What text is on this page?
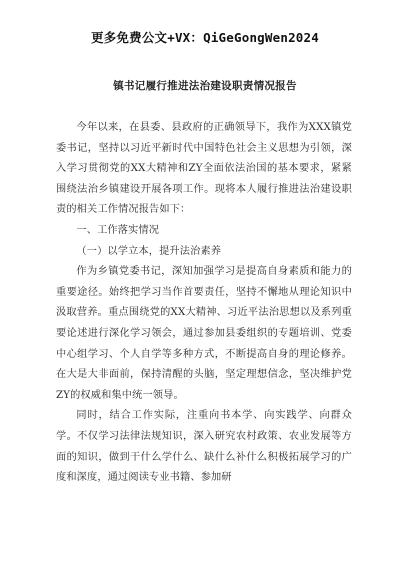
更多免费公文+VX：QiGeGongWen2024
镇书记履行推进法治建设职责情况报告

今年以来，在县委、县政府的正确领导下，我作为XXX镇党委书记，坚持以习近平新时代中国特色社会主义思想为引领，深入学习贯彻党的XX大精神和ZY全面依法治国的基本要求，紧紧围绕法治乡镇建设开展各项工作。现将本人履行推进法治建设职责的相关工作情况报告如下：

一、工作落实情况

（一）以学立本，提升法治素养

作为乡镇党委书记，深知加强学习是提高自身素质和能力的重要途径。始终把学习当作首要责任，坚持不懈地从理论知识中汲取营养。重点围绕党的XX大精神、习近平法治思想以及系列重要论述进行深化学习领会，通过参加县委组织的专题培训、党委中心组学习、个人自学等多种方式，不断提高自身的理论修养。在大是大非面前，保持清醒的头脑，坚定理想信念，坚决维护党ZY的权威和集中统一领导。

同时，结合工作实际，注重向书本学、向实践学、向群众学。不仅学习法律法规知识，深入研究农村政策、农业发展等方面的知识，做到干什么学什么、缺什么补什么积极拓展学习的广度和深度，通过阅读专业书籍、参加研
